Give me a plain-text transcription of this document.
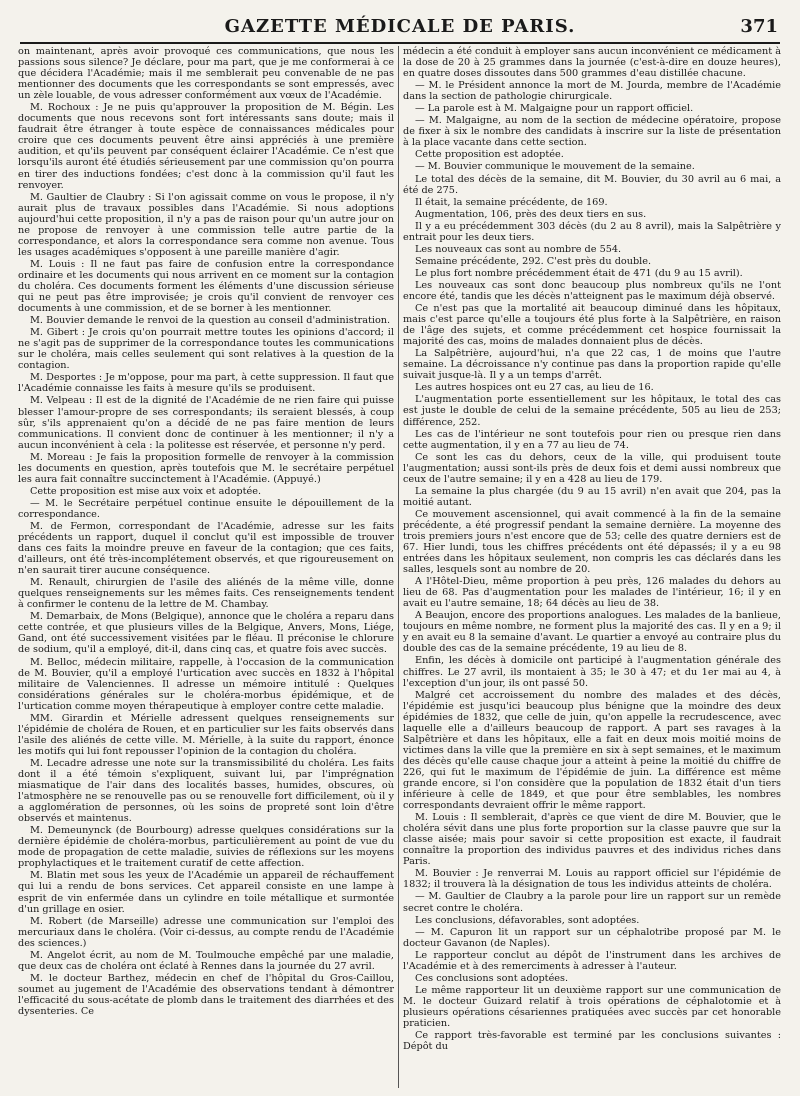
GAZETTE MÉDICALE DE PARIS.	371

on maintenant, après avoir provoqué ces communications, que nous les passions sous silence? Je déclare, pour ma part, que je me conformerai à ce que décidera l'Académie; mais il me semblerait peu convenable de ne pas mentionner des documents que les correspondants se sont empressés, avec un zèle louable, de vous adresser conformément aux vœux de l'Académie.

M. Rochoux : Je ne puis qu'approuver la proposition de M. Bégin. Les documents que nous recevons sont fort intéressants sans doute; mais il faudrait être étranger à toute espèce de connaissances médicales pour croire que ces documents peuvent être ainsi appréciés à une première audition, et qu'ils peuvent par conséquent éclairer l'Académie. Ce n'est que lorsqu'ils auront été étudiés sérieusement par une commission qu'on pourra en tirer des inductions fondées; c'est donc à la commission qu'il faut les renvoyer.

M. Gaultier de Claubry : Si l'on agissait comme on vous le propose, il n'y aurait plus de travaux possibles dans l'Académie. Si nous adoptions aujourd'hui cette proposition, il n'y a pas de raison pour qu'un autre jour on ne propose de renvoyer à une commission telle autre partie de la correspondance, et alors la correspondance sera comme non avenue. Tous les usages académiques s'opposent à une pareille manière d'agir.

M. Louis : Il ne faut pas faire de confusion entre la correspondance ordinaire et les documents qui nous arrivent en ce moment sur la contagion du choléra. Ces documents forment les éléments d'une discussion sérieuse qui ne peut pas être improvisée; je crois qu'il convient de renvoyer ces documents à une commission, et de se borner à les mentionner.

M. Bouvier demande le renvoi de la question au conseil d'administration.

M. Gibert : Je crois qu'on pourrait mettre toutes les opinions d'accord; il ne s'agit pas de supprimer de la correspondance toutes les communications sur le choléra, mais celles seulement qui sont relatives à la question de la contagion.

M. Desportes : Je m'oppose, pour ma part, à cette suppression. Il faut que l'Académie connaisse les faits à mesure qu'ils se produisent.

M. Velpeau : Il est de la dignité de l'Académie de ne rien faire qui puisse blesser l'amour-propre de ses correspondants; ils seraient blessés, à coup sûr, s'ils apprenaient qu'on a décidé de ne pas faire mention de leurs communications. Il convient donc de continuer à les mentionner; il n'y a aucun inconvénient à cela : la politesse est réservée, et personne n'y perd.

M. Moreau : Je fais la proposition formelle de renvoyer à la commission les documents en question, après toutefois que M. le secrétaire perpétuel les aura fait connaître succinctement à l'Académie. (Appuyé.)

Cette proposition est mise aux voix et adoptée.

— M. le Secrétaire perpétuel continue ensuite le dépouillement de la correspondance.

M. de Fermon, correspondant de l'Académie, adresse sur les faits précédents un rapport, duquel il conclut qu'il est impossible de trouver dans ces faits la moindre preuve en faveur de la contagion; que ces faits, d'ailleurs, ont été très-incomplétement observés, et que rigoureusement on n'en saurait tirer aucune conséquence.

M. Renault, chirurgien de l'asile des aliénés de la même ville, donne quelques renseignements sur les mêmes faits. Ces renseignements tendent à confirmer le contenu de la lettre de M. Chambay.

M. Demarbaix, de Mons (Belgique), annonce que le choléra a reparu dans cette contrée, et que plusieurs villes de la Belgique, Anvers, Mons, Liége, Gand, ont été successivement visitées par le fléau. Il préconise le chlorure de sodium, qu'il a employé, dit-il, dans cinq cas, et quatre fois avec succès.

M. Belloc, médecin militaire, rappelle, à l'occasion de la communication de M. Bouvier, qu'il a employé l'urtication avec succès en 1832 à l'hôpital militaire de Valenciennes. Il adresse un mémoire intitulé : Quelques considérations générales sur le choléra-morbus épidémique, et de l'urtication comme moyen thérapeutique à employer contre cette maladie.

MM. Girardin et Mérielle adressent quelques renseignements sur l'épidémie de choléra de Rouen, et en particulier sur les faits observés dans l'asile des aliénés de cette ville. M. Mérielle, à la suite du rapport, énonce les motifs qui lui font repousser l'opinion de la contagion du choléra.

M. Lecadre adresse une note sur la transmissibilité du choléra. Les faits dont il a été témoin s'expliquent, suivant lui, par l'imprégnation miasmatique de l'air dans des localités basses, humides, obscures, où l'atmosphère ne se renouvelle pas ou se renouvelle fort difficilement, où il y a agglomération de personnes, où les soins de propreté sont loin d'être observés et maintenus.

M. Demeunynck (de Bourbourg) adresse quelques considérations sur la dernière épidémie de choléra-morbus, particulièrement au point de vue du mode de propagation de cette maladie, suivies de réflexions sur les moyens prophylactiques et le traitement curatif de cette affection.

M. Blatin met sous les yeux de l'Académie un appareil de réchauffement qui lui a rendu de bons services. Cet appareil consiste en une lampe à esprit de vin enfermée dans un cylindre en toile métallique et surmontée d'un grillage en osier.

M. Robert (de Marseille) adresse une communication sur l'emploi des mercuriaux dans le choléra. (Voir ci-dessus, au compte rendu de l'Académie des sciences.)

M. Angelot écrit, au nom de M. Toulmouche empêché par une maladie, que deux cas de choléra ont éclaté à Rennes dans la journée du 27 avril.

M. le docteur Barthez, médecin en chef de l'hôpital du Gros-Caillou, soumet au jugement de l'Académie des observations tendant à démontrer l'efficacité du sous-acétate de plomb dans le traitement des diarrhées et des dysenteries. Ce

médecin a été conduit à employer sans aucun inconvénient ce médicament à la dose de 20 à 25 grammes dans la journée (c'est-à-dire en douze heures), en quatre doses dissoutes dans 500 grammes d'eau distillée chacune.

— M. le Président annonce la mort de M. Jourda, membre de l'Académie dans la section de pathologie chirurgicale.

— La parole est à M. Malgaigne pour un rapport officiel.

— M. Malgaigne, au nom de la section de médecine opératoire, propose de fixer à six le nombre des candidats à inscrire sur la liste de présentation à la place vacante dans cette section.

Cette proposition est adoptée.

— M. Bouvier communique le mouvement de la semaine.

Le total des décès de la semaine, dit M. Bouvier, du 30 avril au 6 mai, a été de 275.

Il était, la semaine précédente, de 169.

Augmentation, 106, près des deux tiers en sus.

Il y a eu précédemment 303 décès (du 2 au 8 avril), mais la Salpêtrière y entrait pour les deux tiers.

Les nouveaux cas sont au nombre de 554.

Semaine précédente, 292. C'est près du double.

Le plus fort nombre précédemment était de 471 (du 9 au 15 avril).

Les nouveaux cas sont donc beaucoup plus nombreux qu'ils ne l'ont encore été, tandis que les décès n'atteignent pas le maximum déjà observé.

Ce n'est pas que la mortalité ait beaucoup diminué dans les hôpitaux, mais c'est parce qu'elle a toujours été plus forte à la Salpêtrière, en raison de l'âge des sujets, et comme précédemment cet hospice fournissait la majorité des cas, moins de malades donnaient plus de décès.

La Salpêtrière, aujourd'hui, n'a que 22 cas, 1 de moins que l'autre semaine. La décroissance n'y continue pas dans la proportion rapide qu'elle suivait jusque-là. Il y a un temps d'arrêt.

Les autres hospices ont eu 27 cas, au lieu de 16.

L'augmentation porte essentiellement sur les hôpitaux, le total des cas est juste le double de celui de la semaine précédente, 505 au lieu de 253; différence, 252.

Les cas de l'intérieur ne sont toutefois pour rien ou presque rien dans cette augmentation, il y en a 77 au lieu de 74.

Ce sont les cas du dehors, ceux de la ville, qui produisent toute l'augmentation; aussi sont-ils près de deux fois et demi aussi nombreux que ceux de l'autre semaine; il y en a 428 au lieu de 179.

La semaine la plus chargée (du 9 au 15 avril) n'en avait que 204, pas la moitié autant.

Ce mouvement ascensionnel, qui avait commencé à la fin de la semaine précédente, a été progressif pendant la semaine dernière. La moyenne des trois premiers jours n'est encore que de 53; celle des quatre derniers est de 67. Hier lundi, tous les chiffres précédents ont été dépassés; il y a eu 98 entrées dans les hôpitaux seulement, non compris les cas déclarés dans les salles, lesquels sont au nombre de 20.

A l'Hôtel-Dieu, même proportion à peu près, 126 malades du dehors au lieu de 68. Pas d'augmentation pour les malades de l'intérieur, 16; il y en avait eu l'autre semaine, 18; 64 décès au lieu de 38.

A Beaujon, encore des proportions analogues. Les malades de la banlieue, toujours en même nombre, ne forment plus la majorité des cas. Il y en a 9; il y en avait eu 8 la semaine d'avant. Le quartier a envoyé au contraire plus du double des cas de la semaine précédente, 19 au lieu de 8.

Enfin, les décès à domicile ont participé à l'augmentation générale des chiffres. Le 27 avril, ils montaient à 35; le 30 à 47; et du 1er mai au 4, à l'exception d'un jour, ils ont passé 50.

Malgré cet accroissement du nombre des malades et des décès, l'épidémie est jusqu'ici beaucoup plus bénigne que la moindre des deux épidémies de 1832, que celle de juin, qu'on appelle la recrudescence, avec laquelle elle a d'ailleurs beaucoup de rapport. A part ses ravages à la Salpêtrière et dans les hôpitaux, elle a fait en deux mois moitié moins de victimes dans la ville que la première en six à sept semaines, et le maximum des décès qu'elle cause chaque jour a atteint à peine la moitié du chiffre de 226, qui fut le maximum de l'épidémie de juin. La différence est même grande encore, si l'on considère que la population de 1832 était d'un tiers inférieure à celle de 1849, et que pour être semblables, les nombres correspondants devraient offrir le même rapport.

M. Louis : Il semblerait, d'après ce que vient de dire M. Bouvier, que le choléra sévit dans une plus forte proportion sur la classe pauvre que sur la classe aisée; mais pour savoir si cette proposition est exacte, il faudrait connaître la proportion des individus pauvres et des individus riches dans Paris.

M. Bouvier : Je renverrai M. Louis au rapport officiel sur l'épidémie de 1832; il trouvera là la désignation de tous les individus atteints de choléra.

— M. Gaultier de Claubry a la parole pour lire un rapport sur un remède secret contre le choléra.

Les conclusions, défavorables, sont adoptées.

— M. Capuron lit un rapport sur un céphalotribe proposé par M. le docteur Gavanon (de Naples).

Le rapporteur conclut au dépôt de l'instrument dans les archives de l'Académie et à des remerciments à adresser à l'auteur.

Ces conclusions sont adoptées.

Le même rapporteur lit un deuxième rapport sur une communication de M. le docteur Guizard relatif à trois opérations de céphalotomie et à plusieurs opérations césariennes pratiquées avec succès par cet honorable praticien.

Ce rapport très-favorable est terminé par les conclusions suivantes : Dépôt du
